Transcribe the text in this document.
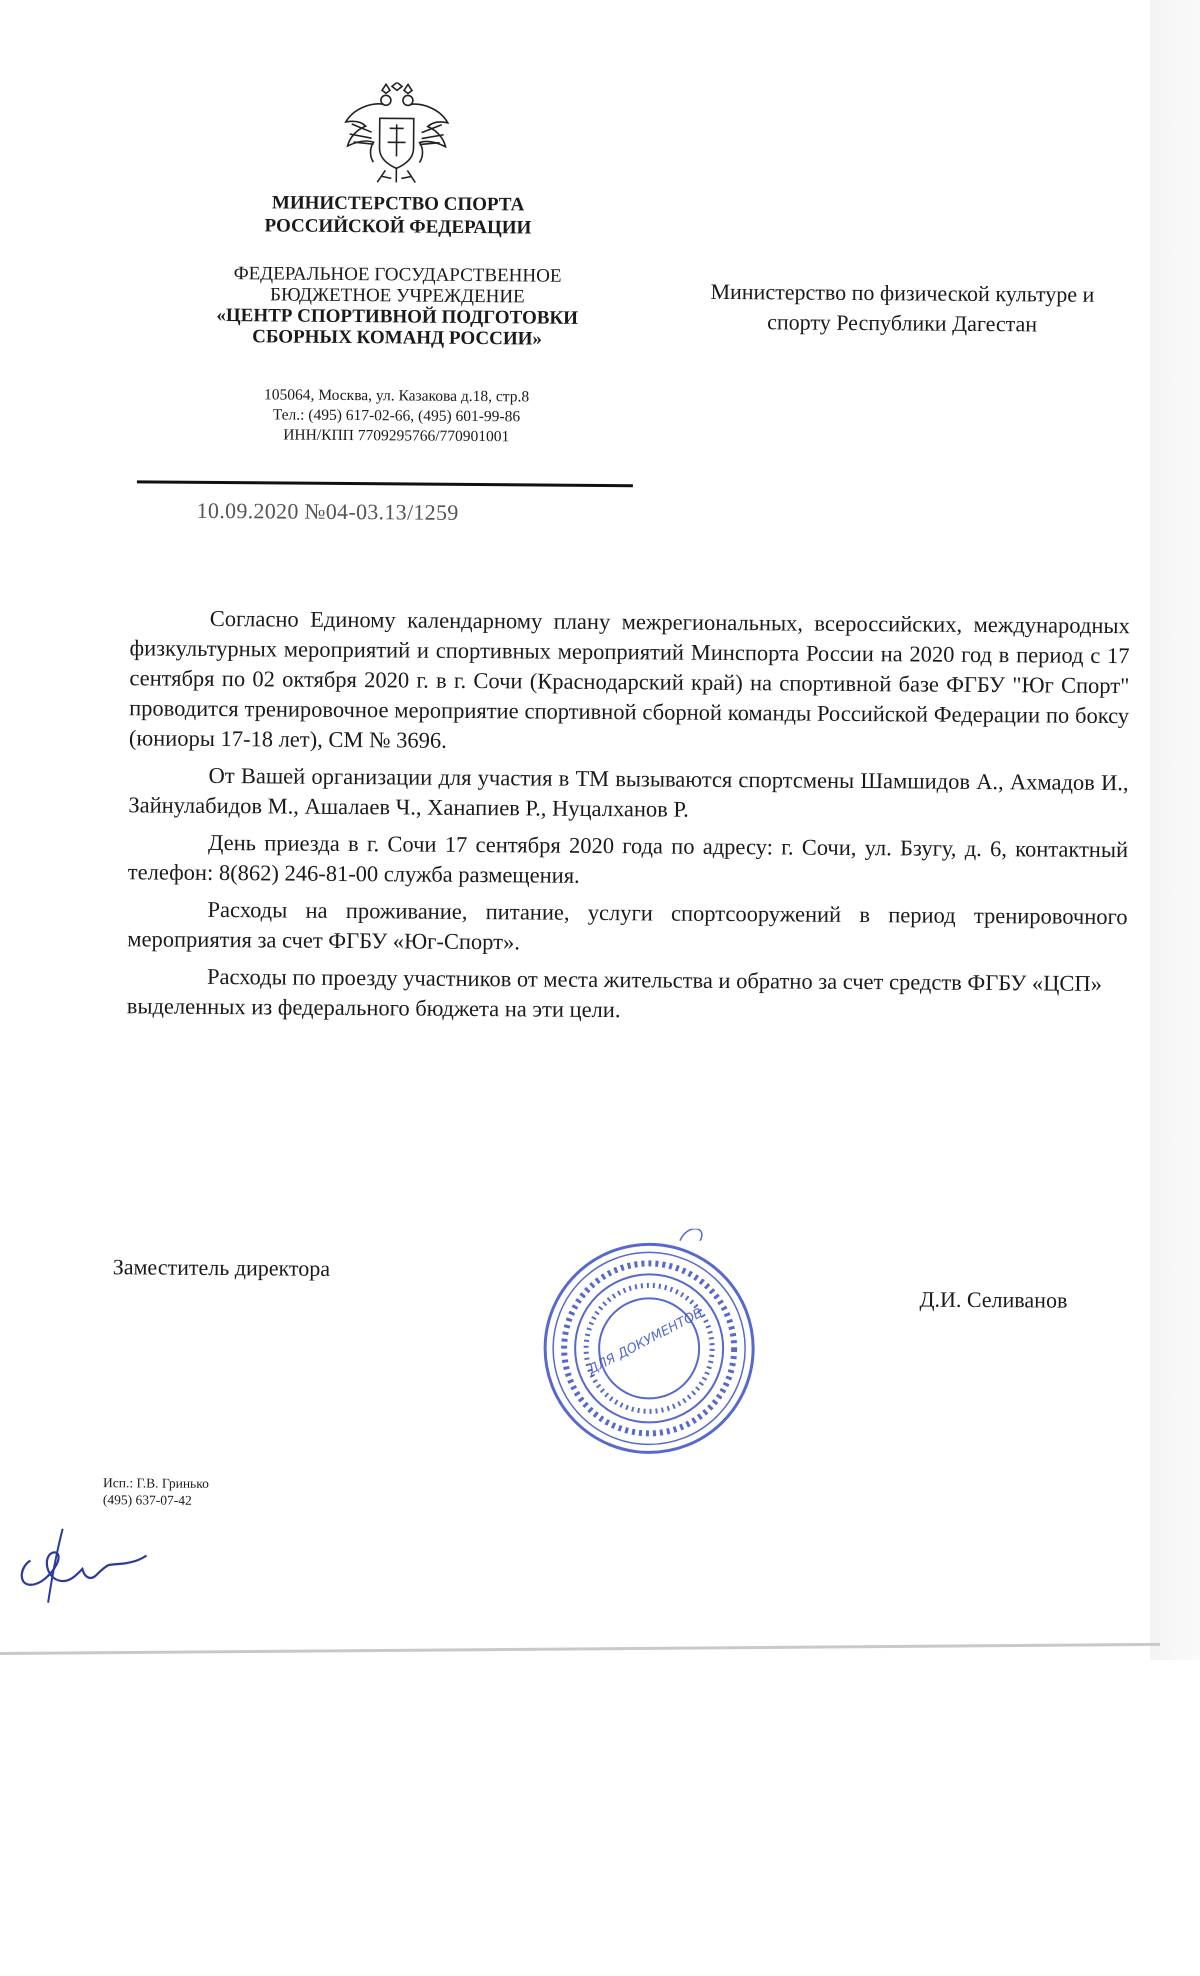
МИНИСТЕРСТВО СПОРТА
РОССИЙСКОЙ ФЕДЕРАЦИИ
ФЕДЕРАЛЬНОЕ ГОСУДАРСТВЕННОЕ
БЮДЖЕТНОЕ УЧРЕЖДЕНИЕ
«ЦЕНТР СПОРТИВНОЙ ПОДГОТОВКИ
СБОРНЫХ КОМАНД РОССИИ»
105064, Москва, ул. Казакова д.18, стр.8
Тел.: (495) 617-02-66, (495) 601-99-86
ИНН/КПП 7709295766/770901001
10.09.2020 №04-03.13/1259
Министерство по физической культуре и
спорту Республики Дагестан

Согласно Единому календарному плану межрегиональных, всероссийских, международных физкультурных мероприятий и спортивных мероприятий Минспорта России на 2020 год в период с 17 сентября по 02 октября 2020 г. в г. Сочи (Краснодарский край) на спортивной базе ФГБУ "Юг Спорт" проводится тренировочное мероприятие спортивной сборной команды Российской Федерации по боксу (юниоры 17-18 лет), СМ № 3696.

От Вашей организации для участия в ТМ вызываются спортсмены Шамшидов А., Ахмадов И., Зайнулабидов М., Ашалаев Ч., Ханапиев Р., Нуцалханов Р.

День приезда в г. Сочи 17 сентября 2020 года по адресу: г. Сочи, ул. Бзугу, д. 6, контактный телефон: 8(862) 246-81-00 служба размещения.

Расходы на проживание, питание, услуги спортсооружений в период тренировочного мероприятия за счет ФГБУ «Юг-Спорт».

Расходы по проезду участников от места жительства и обратно за счет средств ФГБУ «ЦСП» выделенных из федерального бюджета на эти цели.

Заместитель директора
Д.И. Селиванов
ДЛЯ ДОКУМЕНТОВ
Исп.: Г.В. Гринько
(495) 637-07-42
